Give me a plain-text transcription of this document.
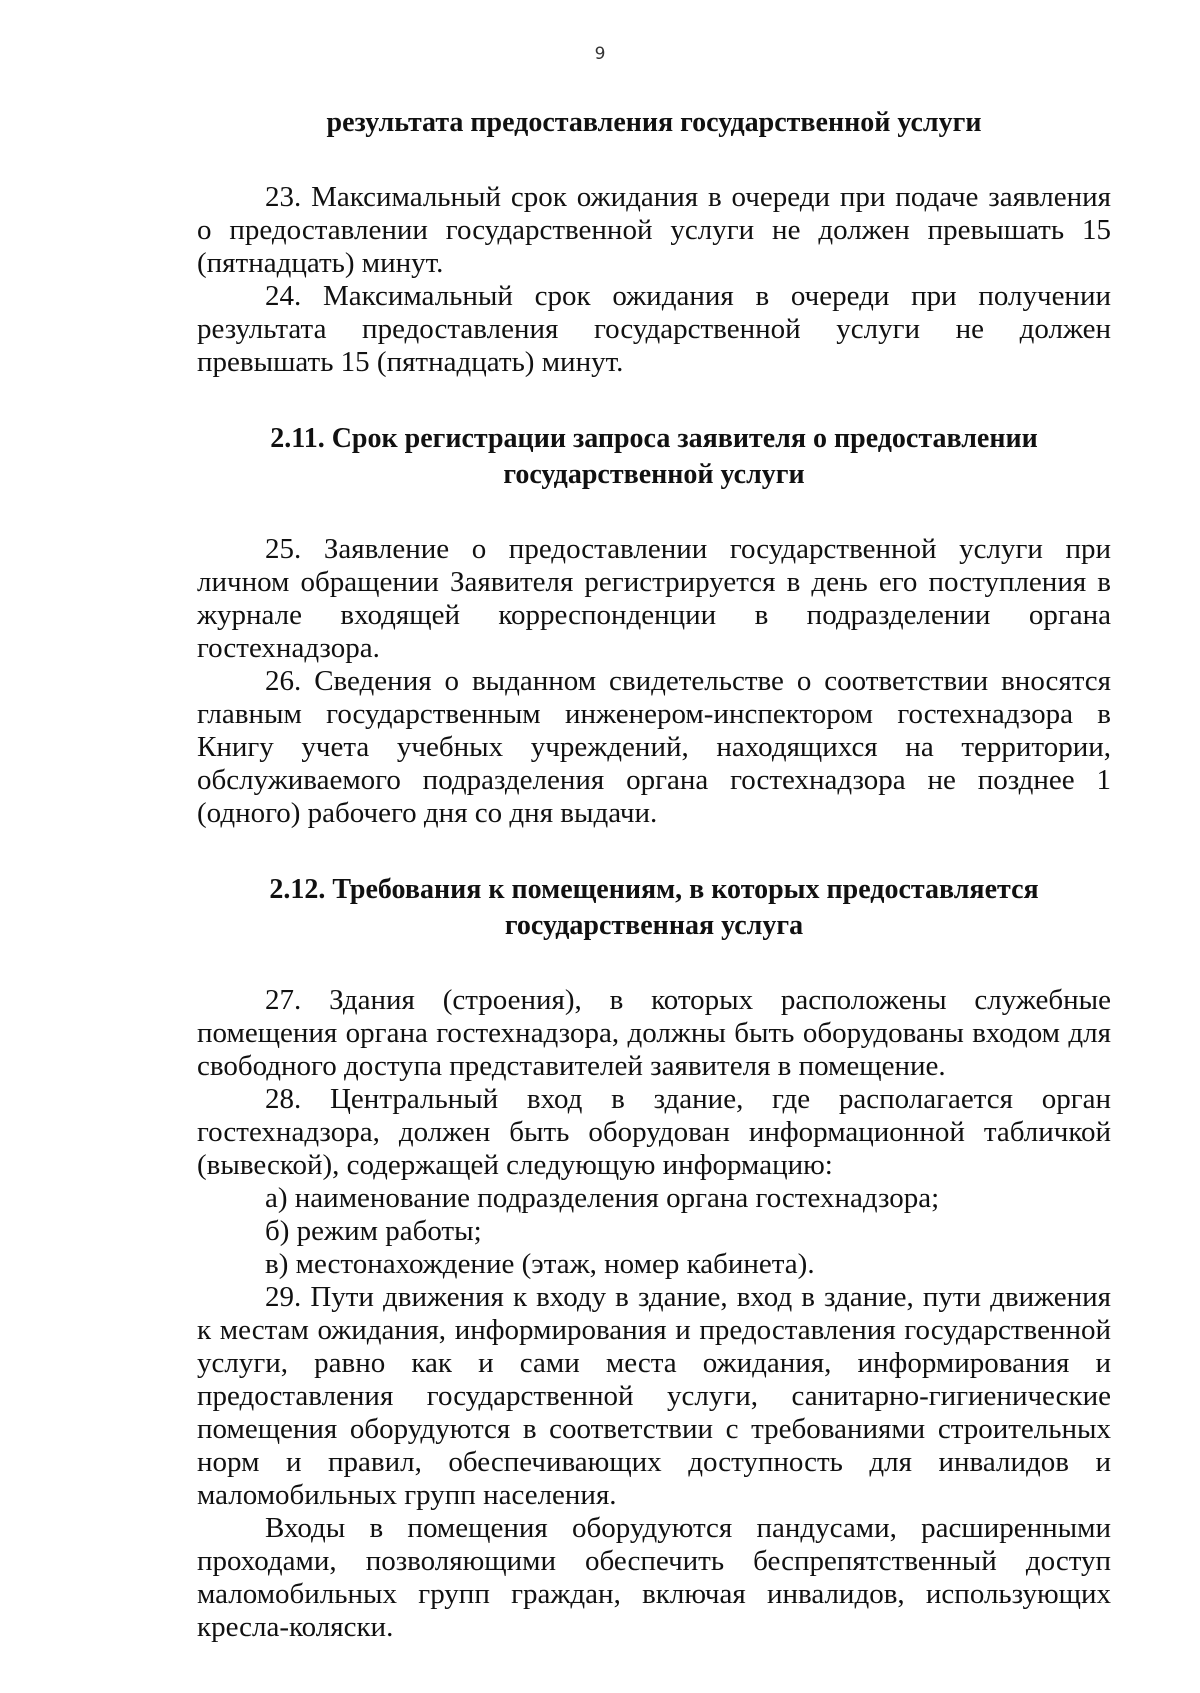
9
результата предоставления государственной услуги

23. Максимальный срок ожидания в очереди при подаче заявления о предоставлении государственной услуги не должен превышать 15 (пятнадцать) минут.

24. Максимальный срок ожидания в очереди при получении результата предоставления государственной услуги не должен превышать 15 (пятнадцать) минут.

2.11. Срок регистрации запроса заявителя о предоставлении
государственной услуги

25. Заявление о предоставлении государственной услуги при личном обращении Заявителя регистрируется в день его поступления в журнале входящей корреспонденции в подразделении органа гостехнадзора.

26. Сведения о выданном свидетельстве о соответствии вносятся главным государственным инженером-инспектором гостехнадзора в Книгу учета учебных учреждений, находящихся на территории, обслуживаемого подразделения органа гостехнадзора не позднее 1 (одного) рабочего дня со дня выдачи.

2.12. Требования к помещениям, в которых предоставляется
государственная услуга

27. Здания (строения), в которых расположены служебные помещения органа гостехнадзора, должны быть оборудованы входом для свободного доступа представителей заявителя в помещение.

28. Центральный вход в здание, где располагается орган гостехнадзора, должен быть оборудован информационной табличкой (вывеской), содержащей следующую информацию:

а) наименование подразделения органа гостехнадзора;

б) режим работы;

в) местонахождение (этаж, номер кабинета).

29. Пути движения к входу в здание, вход в здание, пути движения к местам ожидания, информирования и предоставления государственной услуги, равно как и сами места ожидания, информирования и предоставления государственной услуги, санитарно-гигиенические помещения оборудуются в соответствии с требованиями строительных норм и правил, обеспечивающих доступность для инвалидов и маломобильных групп населения.

Входы в помещения оборудуются пандусами, расширенными проходами, позволяющими обеспечить беспрепятственный доступ маломобильных групп граждан, включая инвалидов, использующих кресла-коляски.
